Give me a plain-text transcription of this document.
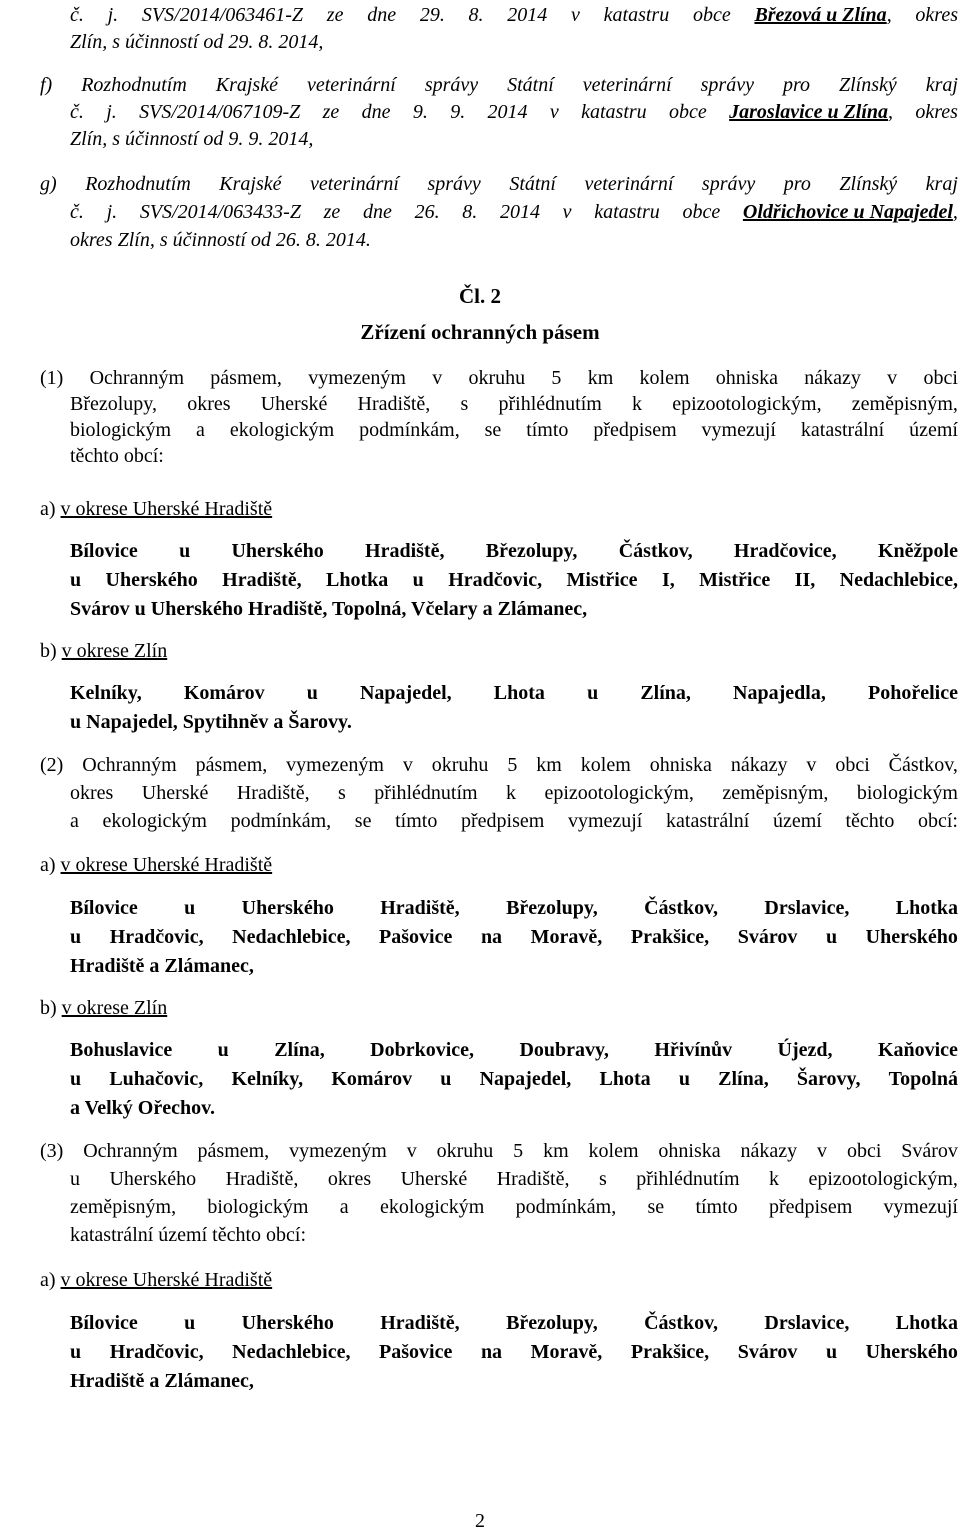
č. j. SVS/2014/063461-Z ze dne 29. 8. 2014 v katastru obce Březová u Zlína, okres
Zlín, s účinností od 29. 8. 2014,
f) Rozhodnutím Krajské veterinární správy Státní veterinární správy pro Zlínský kraj
č. j. SVS/2014/067109-Z ze dne 9. 9. 2014 v katastru obce Jaroslavice u Zlína, okres
Zlín, s účinností od 9. 9. 2014,
g) Rozhodnutím Krajské veterinární správy Státní veterinární správy pro Zlínský kraj
č. j. SVS/2014/063433-Z ze dne 26. 8. 2014 v katastru obce Oldřichovice u Napajedel,
okres Zlín, s účinností od 26. 8. 2014.
Čl. 2
Zřízení ochranných pásem
(1) Ochranným pásmem, vymezeným v okruhu 5 km kolem ohniska nákazy v obci
Březolupy, okres Uherské Hradiště, s přihlédnutím k epizootologickým, zeměpisným,
biologickým a ekologickým podmínkám, se tímto předpisem vymezují katastrální území
těchto obcí:
a) v okrese Uherské Hradiště
Bílovice u Uherského Hradiště, Březolupy, Částkov, Hradčovice, Kněžpole
u Uherského Hradiště, Lhotka u Hradčovic, Mistřice I, Mistřice II, Nedachlebice,
Svárov u Uherského Hradiště, Topolná, Včelary a Zlámanec,
b) v okrese Zlín
Kelníky, Komárov u Napajedel, Lhota u Zlína, Napajedla, Pohořelice
u Napajedel, Spytihněv a Šarovy.
(2) Ochranným pásmem, vymezeným v okruhu 5 km kolem ohniska nákazy v obci Částkov,
okres Uherské Hradiště, s přihlédnutím k epizootologickým, zeměpisným, biologickým
a ekologickým podmínkám, se tímto předpisem vymezují katastrální území těchto obcí:
a) v okrese Uherské Hradiště
Bílovice u Uherského Hradiště, Březolupy, Částkov, Drslavice, Lhotka
u Hradčovic, Nedachlebice, Pašovice na Moravě, Prakšice, Svárov u Uherského
Hradiště a Zlámanec,
b) v okrese Zlín
Bohuslavice u Zlína, Dobrkovice, Doubravy, Hřivínův Újezd, Kaňovice
u Luhačovic, Kelníky, Komárov u Napajedel, Lhota u Zlína, Šarovy, Topolná
a Velký Ořechov.
(3) Ochranným pásmem, vymezeným v okruhu 5 km kolem ohniska nákazy v obci Svárov
u Uherského Hradiště, okres Uherské Hradiště, s přihlédnutím k epizootologickým,
zeměpisným, biologickým a ekologickým podmínkám, se tímto předpisem vymezují
katastrální území těchto obcí:
a) v okrese Uherské Hradiště
Bílovice u Uherského Hradiště, Březolupy, Částkov, Drslavice, Lhotka
u Hradčovic, Nedachlebice, Pašovice na Moravě, Prakšice, Svárov u Uherského
Hradiště a Zlámanec,
2
